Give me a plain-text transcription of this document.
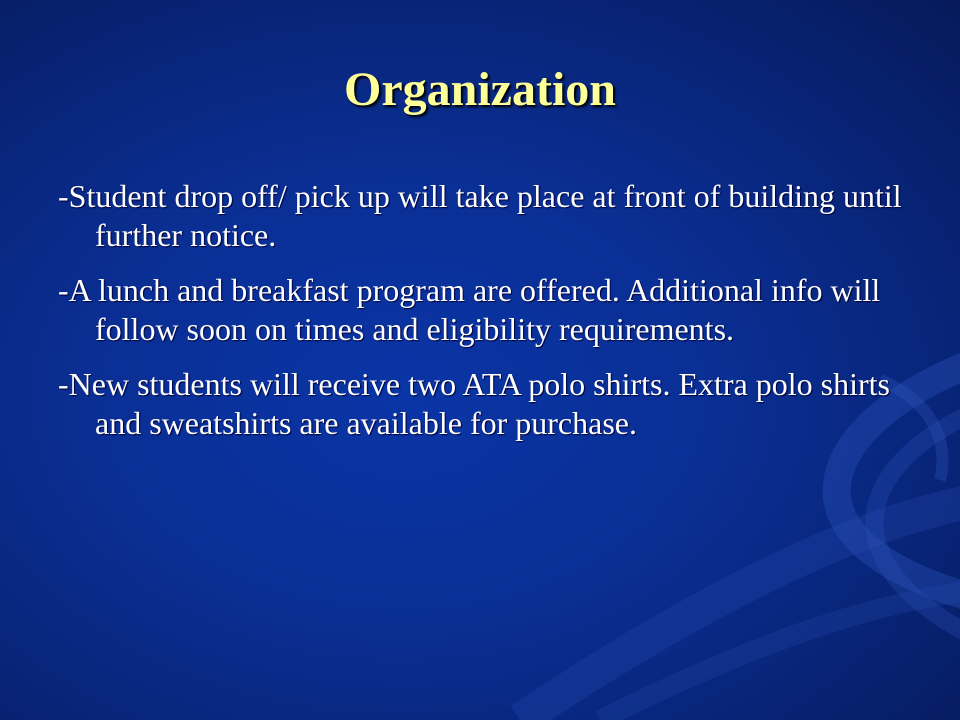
Organization
-Student drop off/ pick up will take place at front of building until further notice.
-A lunch and breakfast program are offered. Additional info will follow soon on times and eligibility requirements.
-New students will receive two ATA polo shirts. Extra polo shirts and sweatshirts are available for purchase.
